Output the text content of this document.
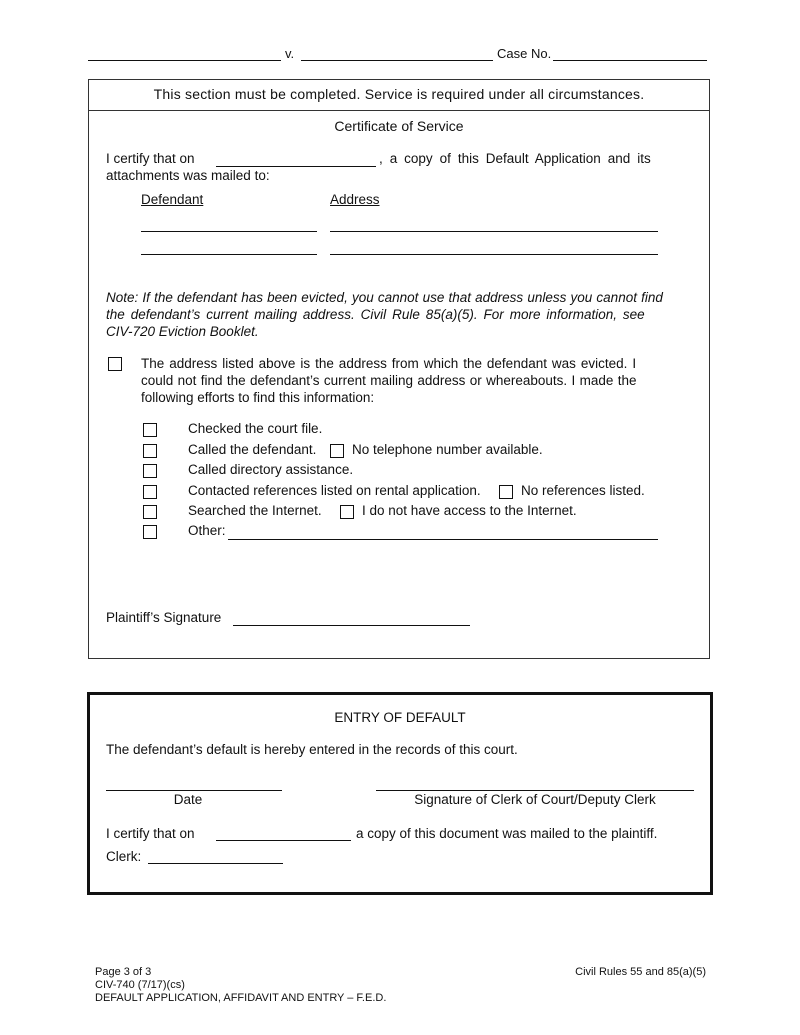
v.	Case No.
This section must be completed. Service is required under all circumstances.
Certificate of Service
I certify that on	, a copy of this Default Application and its
attachments was mailed to:
Defendant	Address
Note: If the defendant has been evicted, you cannot use that address unless you cannot find
the defendant’s current mailing address. Civil Rule 85(a)(5). For more information, see
CIV-720 Eviction Booklet.
The address listed above is the address from which the defendant was evicted. I
could not find the defendant’s current mailing address or whereabouts. I made the
following efforts to find this information:
Checked the court file.
Called the defendant.	No telephone number available.
Called directory assistance.
Contacted references listed on rental application.	No references listed.
Searched the Internet.	I do not have access to the Internet.
Other:
Plaintiff’s Signature
ENTRY OF DEFAULT
The defendant’s default is hereby entered in the records of this court.
Date	Signature of Clerk of Court/Deputy Clerk
I certify that on	a copy of this document was mailed to the plaintiff.
Clerk:
Page 3 of 3
CIV-740 (7/17)(cs)
DEFAULT APPLICATION, AFFIDAVIT AND ENTRY – F.E.D.
Civil Rules 55 and 85(a)(5)
